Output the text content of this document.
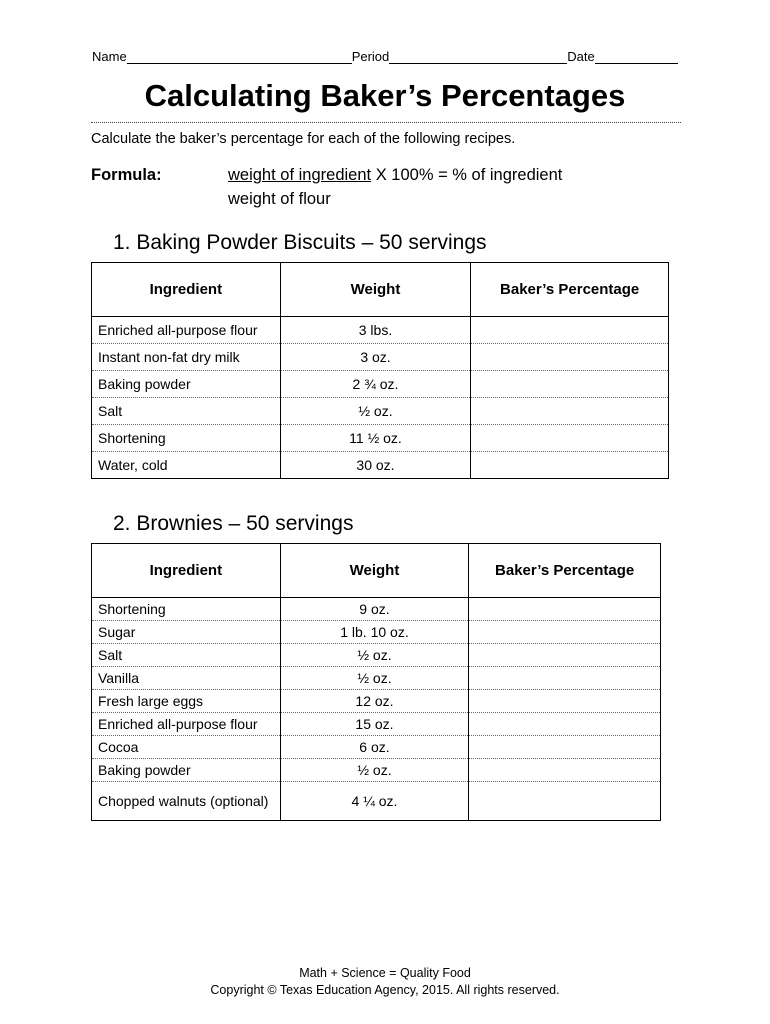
Name	Period	Date
Calculating Baker’s Percentages
Calculate the baker’s percentage for each of the following recipes.
Formula:	weight of ingredient X 100% = % of ingredient
weight of flour
1. Baking Powder Biscuits – 50 servings
Ingredient	Weight	Baker’s Percentage
Enriched all-purpose flour	3 lbs.	
Instant non-fat dry milk	3 oz.	
Baking powder	2 ¾ oz.	
Salt	½ oz.	
Shortening	11 ½ oz.	
Water, cold	30 oz.	
2. Brownies – 50 servings
Ingredient	Weight	Baker’s Percentage
Shortening	9 oz.	
Sugar	1 lb. 10 oz.	
Salt	½ oz.	
Vanilla	½ oz.	
Fresh large eggs	12 oz.	
Enriched all-purpose flour	15 oz.	
Cocoa	6 oz.	
Baking powder	½ oz.	
Chopped walnuts (optional)	4 ¼ oz.	
Math + Science = Quality Food
Copyright © Texas Education Agency, 2015. All rights reserved.
